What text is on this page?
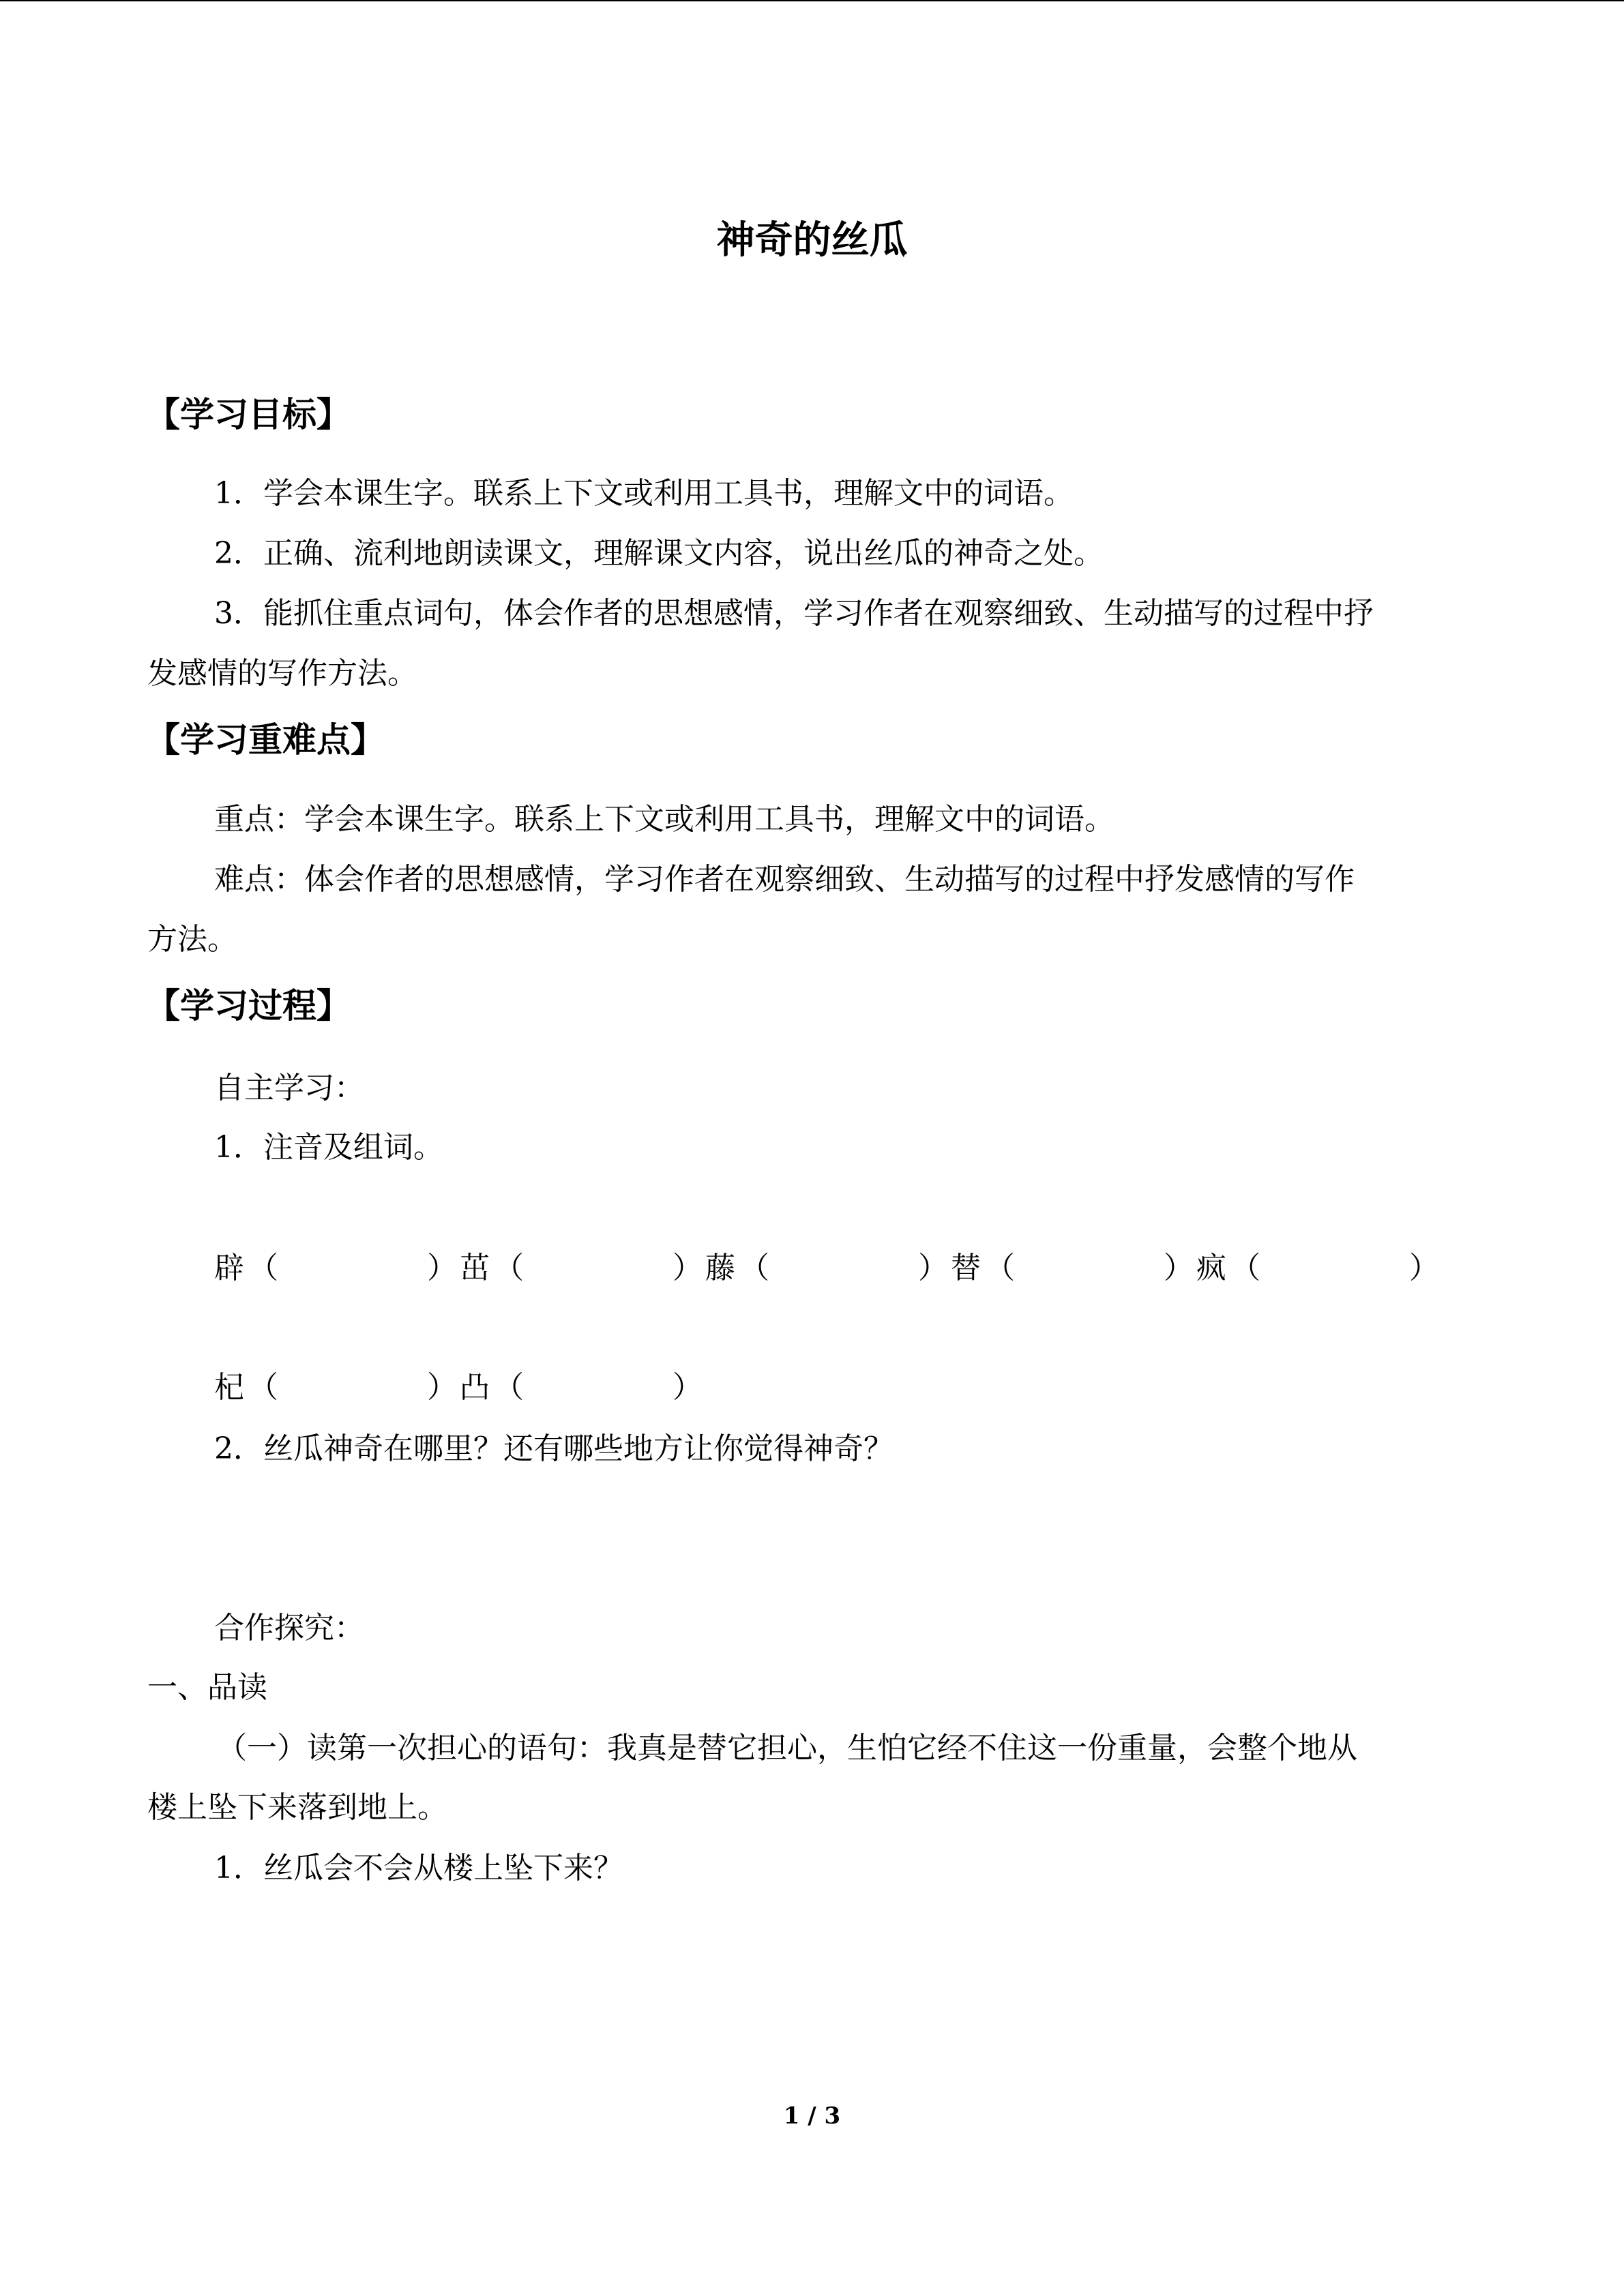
神奇的丝瓜
【学习目标】
1．学会本课生字。联系上下文或利用工具书，理解文中的词语。
2．正确、流利地朗读课文，理解课文内容，说出丝瓜的神奇之处。
3．能抓住重点词句，体会作者的思想感情，学习作者在观察细致、生动描写的过程中抒
发感情的写作方法。
【学习重难点】
重点：学会本课生字。联系上下文或利用工具书，理解文中的词语。
难点：体会作者的思想感情，学习作者在观察细致、生动描写的过程中抒发感情的写作
方法。
【学习过程】
自主学习：
1．注音及组词。
辟 （	）茁 （	）藤 （	）替 （	）疯 （	）
杞 （	）凸 （	）
2．丝瓜神奇在哪里？还有哪些地方让你觉得神奇？
合作探究：
一、品读
（一）读第一次担心的语句：我真是替它担心，生怕它经不住这一份重量，会整个地从
楼上坠下来落到地上。
1．丝瓜会不会从楼上坠下来？
1 / 3
